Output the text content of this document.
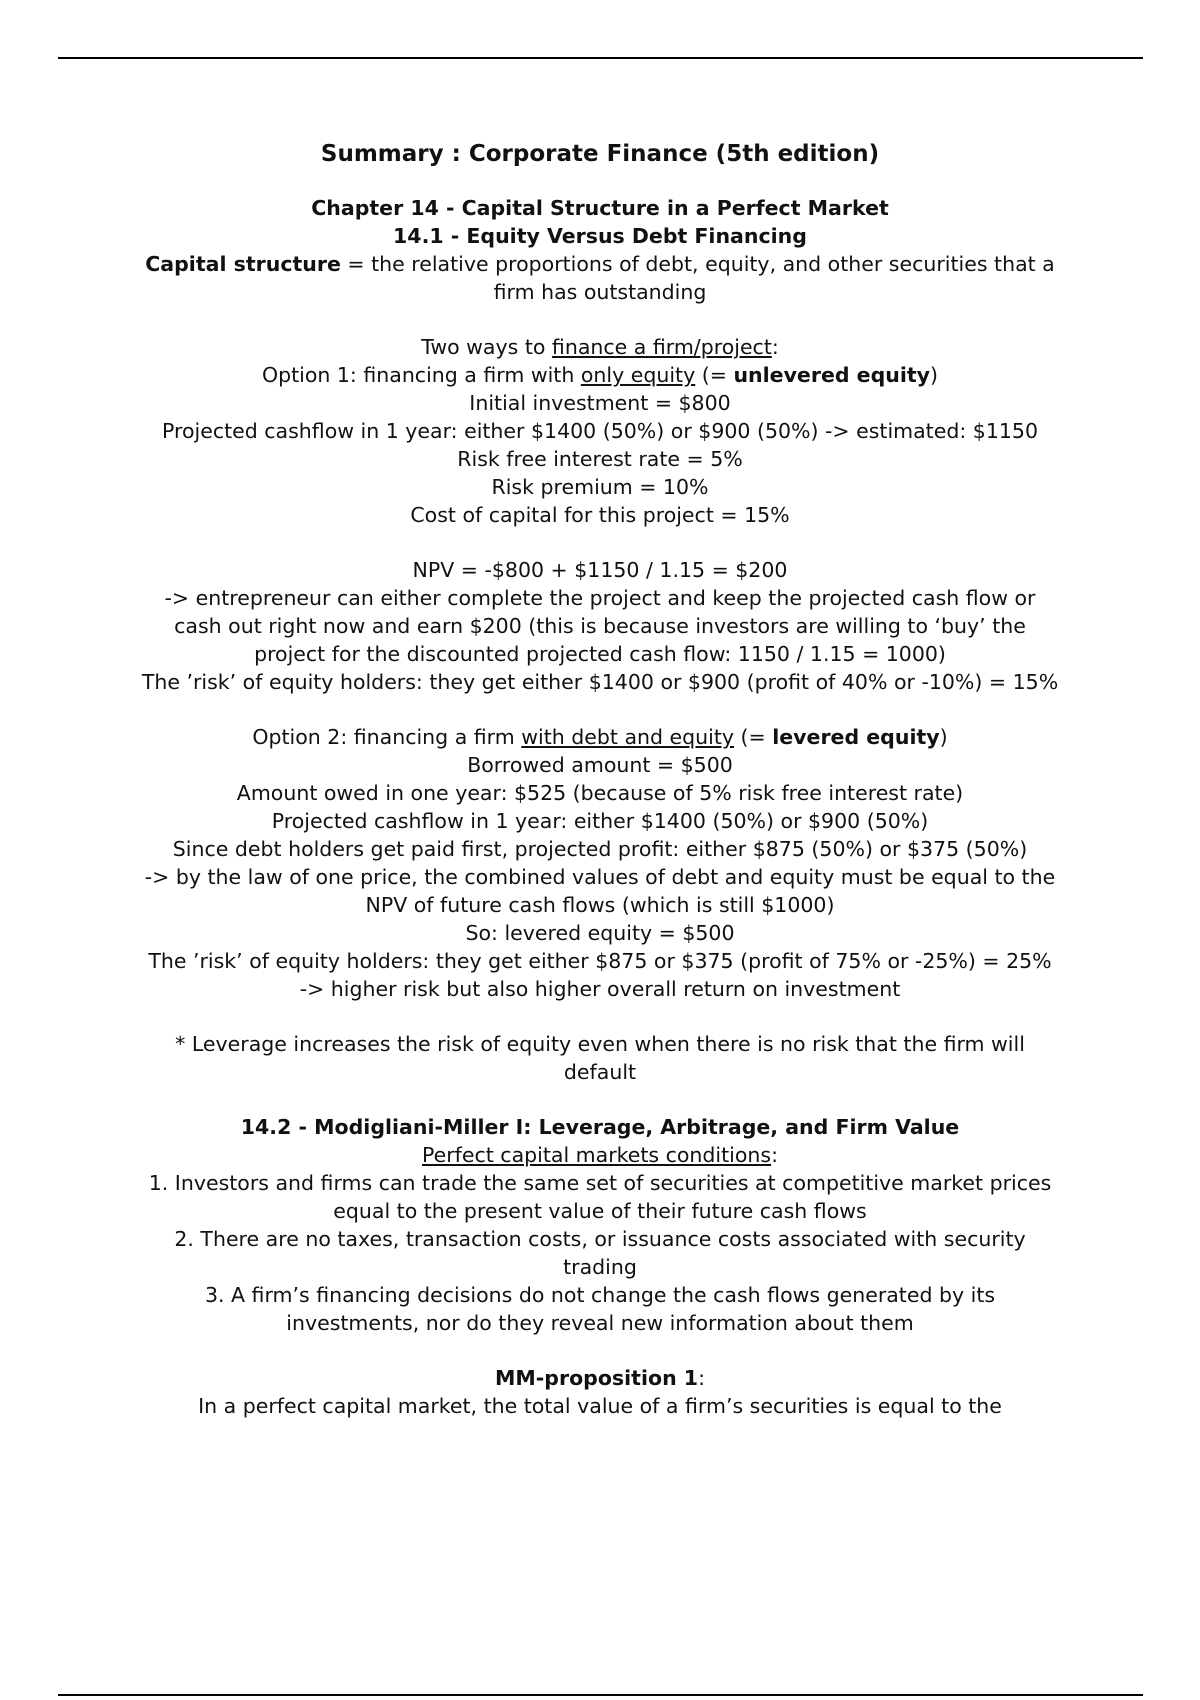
Summary : Corporate Finance (5th edition)

Chapter 14 - Capital Structure in a Perfect Market

14.1 - Equity Versus Debt Financing

Capital structure = the relative proportions of debt, equity, and other securities that a firm has outstanding

Two ways to finance a firm/project:

Option 1: financing a firm with only equity (= unlevered equity)

Initial investment = $800

Projected cashflow in 1 year: either $1400 (50%) or $900 (50%) -> estimated: $1150

Risk free interest rate = 5%

Risk premium = 10%

Cost of capital for this project = 15%

NPV = -$800 + $1150 / 1.15 = $200

-> entrepreneur can either complete the project and keep the projected cash flow or cash out right now and earn $200 (this is because investors are willing to ‘buy’ the project for the discounted projected cash flow: 1150 / 1.15 = 1000)

The ’risk’ of equity holders: they get either $1400 or $900 (profit of 40% or -10%) = 15%

Option 2: financing a firm with debt and equity (= levered equity)

Borrowed amount = $500

Amount owed in one year: $525 (because of 5% risk free interest rate)

Projected cashflow in 1 year: either $1400 (50%) or $900 (50%)

Since debt holders get paid first, projected profit: either $875 (50%) or $375 (50%)

-> by the law of one price, the combined values of debt and equity must be equal to the NPV of future cash flows (which is still $1000)

So: levered equity = $500

The ’risk’ of equity holders: they get either $875 or $375 (profit of 75% or -25%) = 25%

-> higher risk but also higher overall return on investment

* Leverage increases the risk of equity even when there is no risk that the firm will default

14.2 - Modigliani-Miller I: Leverage, Arbitrage, and Firm Value

Perfect capital markets conditions:

1. Investors and firms can trade the same set of securities at competitive market prices equal to the present value of their future cash flows

2. There are no taxes, transaction costs, or issuance costs associated with security trading

3. A firm’s financing decisions do not change the cash flows generated by its investments, nor do they reveal new information about them

MM-proposition 1:

In a perfect capital market, the total value of a firm’s securities is equal to the
